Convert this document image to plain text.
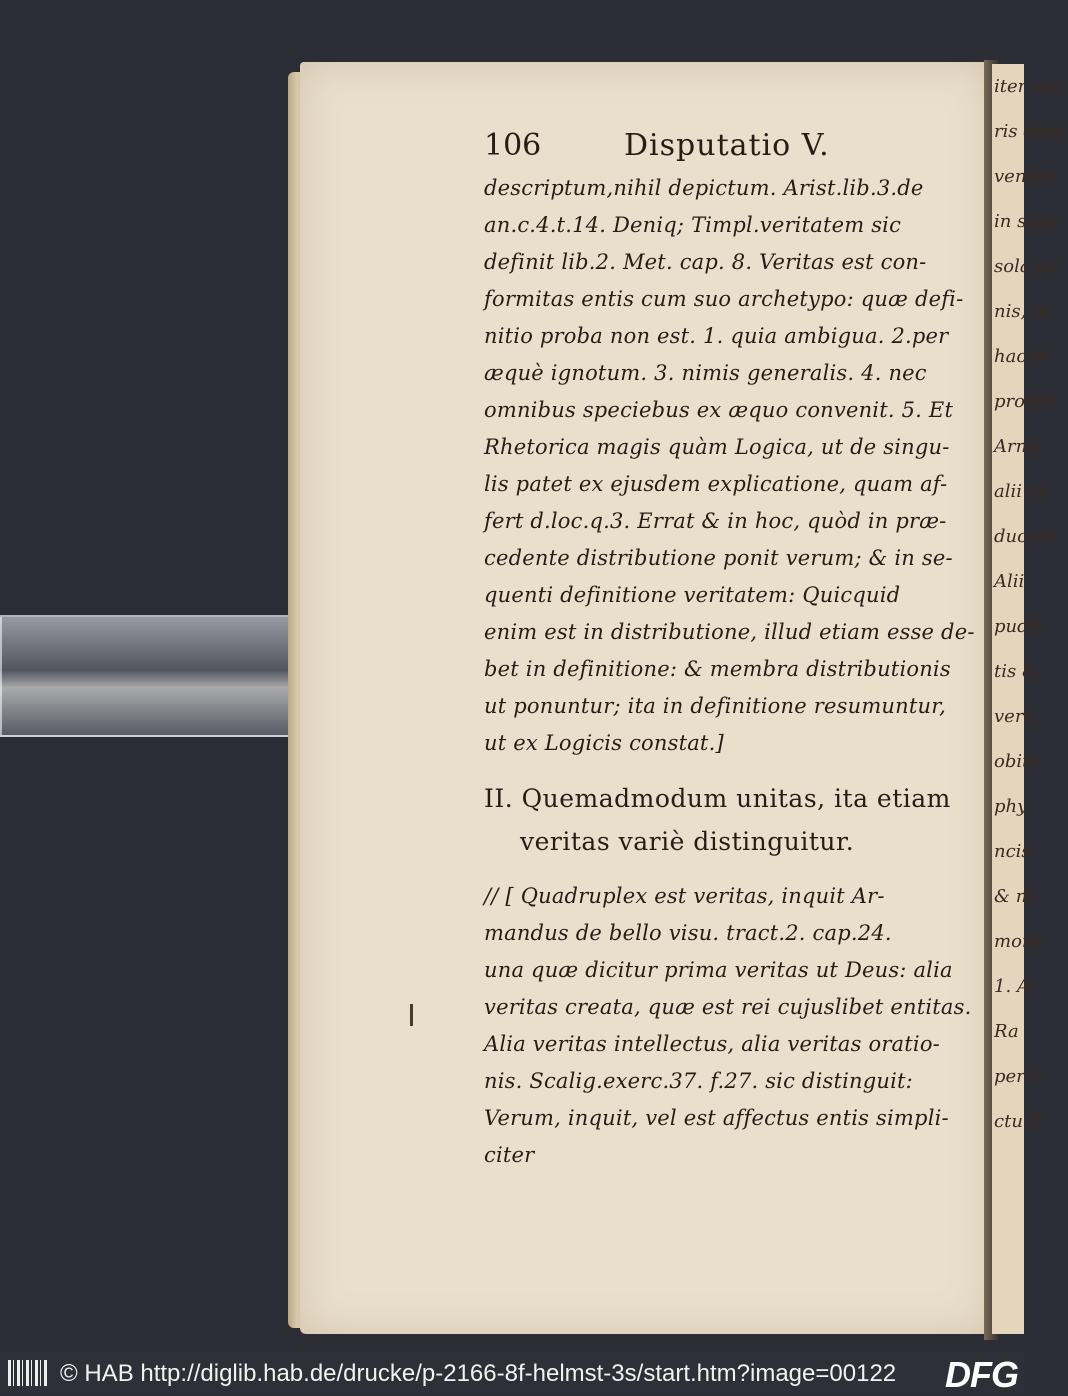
iter acc
ris depe
venien
in sign
sola po
nis, ut
hac di
proœn
Armi
alii in
ducunt
Alii
pude
tis &
verit
obite
phy
ncis
& m
more
1. Ar
Ra
per c
ctu d
106	Disputatio V.
descriptum,nihil depictum. Arist.lib.3.de
an.c.4.t.14. Deniq; Timpl.veritatem sic
definit lib.2. Met. cap. 8. Veritas est con-
formitas entis cum suo archetypo: quæ defi-
nitio proba non est. 1. quia ambigua. 2.per
æquè ignotum. 3. nimis generalis. 4. nec
omnibus speciebus ex æquo convenit. 5. Et
Rhetorica magis quàm Logica, ut de singu-
lis patet ex ejusdem explicatione, quam af-
fert d.loc.q.3. Errat & in hoc, quòd in præ-
cedente distributione ponit verum; & in se-
quenti definitione veritatem: Quicquid
enim est in distributione, illud etiam esse de-
bet in definitione: & membra distributionis
ut ponuntur; ita in definitione resumuntur,
ut ex Logicis constat.]
II. Quemadmodum unitas, ita etiam
veritas variè distinguitur.
// [ Quadruplex est veritas, inquit Ar-
mandus de bello visu. tract.2. cap.24.
una quæ dicitur prima veritas ut Deus: alia
veritas creata, quæ est rei cujuslibet entitas.
Alia veritas intellectus, alia veritas oratio-
nis. Scalig.exerc.37. f.27. sic distinguit:
Verum, inquit, vel est affectus entis simpli-
citer
© HAB http://diglib.hab.de/drucke/p-2166-8f-helmst-3s/start.htm?image=00122 DFG
